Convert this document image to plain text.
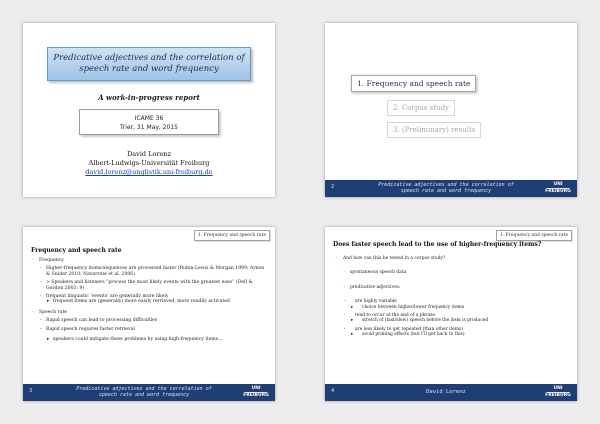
Predicative adjectives and the correlation of
speech rate and word frequency
A work-in-progress report
ICAME 36
Trier, 31 May, 2015
David Lorenz
Albert-Ludwigs-Universität Freiburg
david.lorenz@anglistik.uni-freiburg.de
1. Frequency and speech rate
2. Corpus study
3. (Preliminary) results
2	Predicative adjectives and the correlation of
speech rate and word frequency
UNI
FREIBURG
1. Frequency and speech rate
Frequency and speech rate

◦ Frequency

- Higher-frequency items/sequences are processed faster (Rubin-Lewis & Morgan 1999; Arnon & Snider 2010; Navarrete et al. 2006)

- > Speakers and listeners “process the most likely events with the greatest ease” (Dell & Gordon 2003: 9)

- frequent linguistic ‘events’ are generally more likely

▸ frequent items are (generally) more easily retrieved, more readily activated

◦ Speech rate

- Rapid speech can lead to processing difficulties

- Rapid speech requires faster retrieval

▸ speakers could mitigate these problems by using high-frequency items...

3	Predicative adjectives and the correlation of
speech rate and word frequency
UNI
FREIBURG
1. Frequency and speech rate
Does faster speech lead to the use of higher-frequency items?

◦ And how can this be tested in a corpus study?

◦ spontaneous speech data

◦ predicative adjectives:

- are highly variable

▸ choice between higher/lower frequency items

- tend to occur at the end of a phrase

▸ stretch of (fast/slow) speech before the item is produced

- are less likely to get repeated (than other items)

▸ avoid priming effects (but I’ll get back to this)

4	David Lorenz
UNI
FREIBURG
